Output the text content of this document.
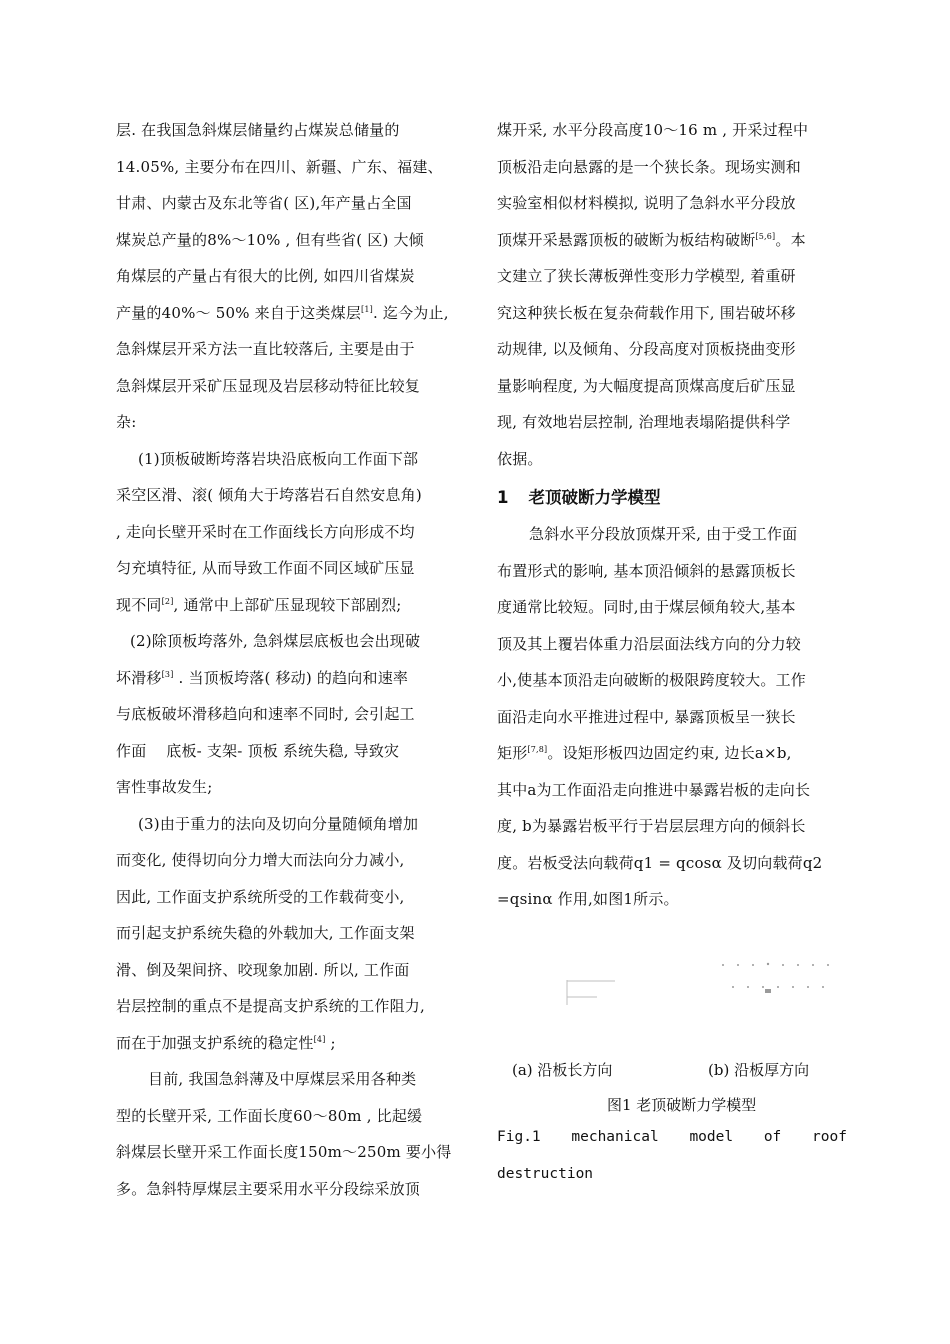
层. 在我国急斜煤层储量约占煤炭总储量的
14.05%, 主要分布在四川、新疆、广东、福建、
甘肃、内蒙古及东北等省( 区),年产量占全国
煤炭总产量的8%～10% , 但有些省( 区) 大倾
角煤层的产量占有很大的比例, 如四川省煤炭
产量的40%～ 50% 来自于这类煤层[1]. 迄今为止,
急斜煤层开采方法一直比较落后, 主要是由于
急斜煤层开采矿压显现及岩层移动特征比较复
杂:
(1)顶板破断垮落岩块沿底板向工作面下部
采空区滑、滚( 倾角大于垮落岩石自然安息角)
, 走向长壁开采时在工作面线长方向形成不均
匀充填特征, 从而导致工作面不同区域矿压显
现不同[2], 通常中上部矿压显现较下部剧烈;
(2)除顶板垮落外, 急斜煤层底板也会出现破
坏滑移[3] . 当顶板垮落( 移动) 的趋向和速率
与底板破坏滑移趋向和速率不同时, 会引起工
作面    底板- 支架- 顶板 系统失稳, 导致灾
害性事故发生;
(3)由于重力的法向及切向分量随倾角增加
而变化, 使得切向分力增大而法向分力减小,
因此, 工作面支护系统所受的工作载荷变小,
而引起支护系统失稳的外载加大, 工作面支架
滑、倒及架间挤、咬现象加剧. 所以, 工作面
岩层控制的重点不是提高支护系统的工作阻力,
而在于加强支护系统的稳定性[4] ;
目前, 我国急斜薄及中厚煤层采用各种类
型的长壁开采, 工作面长度60～80m , 比起缓
斜煤层长壁开采工作面长度150m～250m 要小得
多。急斜特厚煤层主要采用水平分段综采放顶
煤开采, 水平分段高度10～16 m , 开采过程中
顶板沿走向悬露的是一个狭长条。现场实测和
实验室相似材料模拟, 说明了急斜水平分段放
顶煤开采悬露顶板的破断为板结构破断[5,6]。本
文建立了狭长薄板弹性变形力学模型, 着重研
究这种狭长板在复杂荷载作用下, 围岩破坏移
动规律, 以及倾角、分段高度对顶板挠曲变形
量影响程度, 为大幅度提高顶煤高度后矿压显
现, 有效地岩层控制, 治理地表塌陷提供科学
依据。
1 老顶破断力学模型
急斜水平分段放顶煤开采, 由于受工作面
布置形式的影响, 基本顶沿倾斜的悬露顶板长
度通常比较短。同时,由于煤层倾角较大,基本
顶及其上覆岩体重力沿层面法线方向的分力较
小,使基本顶沿走向破断的极限跨度较大。工作
面沿走向水平推进过程中, 暴露顶板呈一狭长
矩形[7,8]。设矩形板四边固定约束, 边长a×b,
其中a为工作面沿走向推进中暴露岩板的走向长
度, b为暴露岩板平行于岩层层理方向的倾斜长
度。岩板受法向载荷q1 = qcosα 及切向载荷q2
=qsinα 作用,如图1所示。
(a) 沿板长方向	(b) 沿板厚方向
图1 老顶破断力学模型
Fig.1 mechanical model of roof
destruction
